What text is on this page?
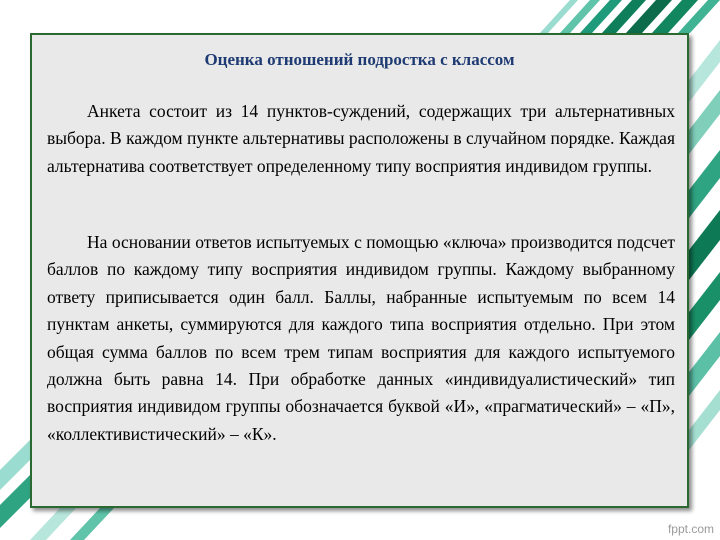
Оценка отношений подростка с классом

Анкета состоит из 14 пунктов-суждений, содержащих три альтернативных выбора. В каждом пункте альтернативы расположены в случайном порядке. Каждая альтернатива соответствует определенному типу восприятия индивидом группы.

На основании ответов испытуемых с помощью «ключа» производится подсчет баллов по каждому типу восприятия индивидом группы. Каждому выбранному ответу приписывается один балл. Баллы, набранные испытуемым по всем 14 пунктам анкеты, суммируются для каждого типа восприятия отдельно. При этом общая сумма баллов по всем трем типам восприятия для каждого испытуемого должна быть равна 14. При обработке данных «индивидуалистический» тип восприятия индивидом группы обозначается буквой «И», «прагматический» – «П», «коллективистический» – «К».

fppt.com
